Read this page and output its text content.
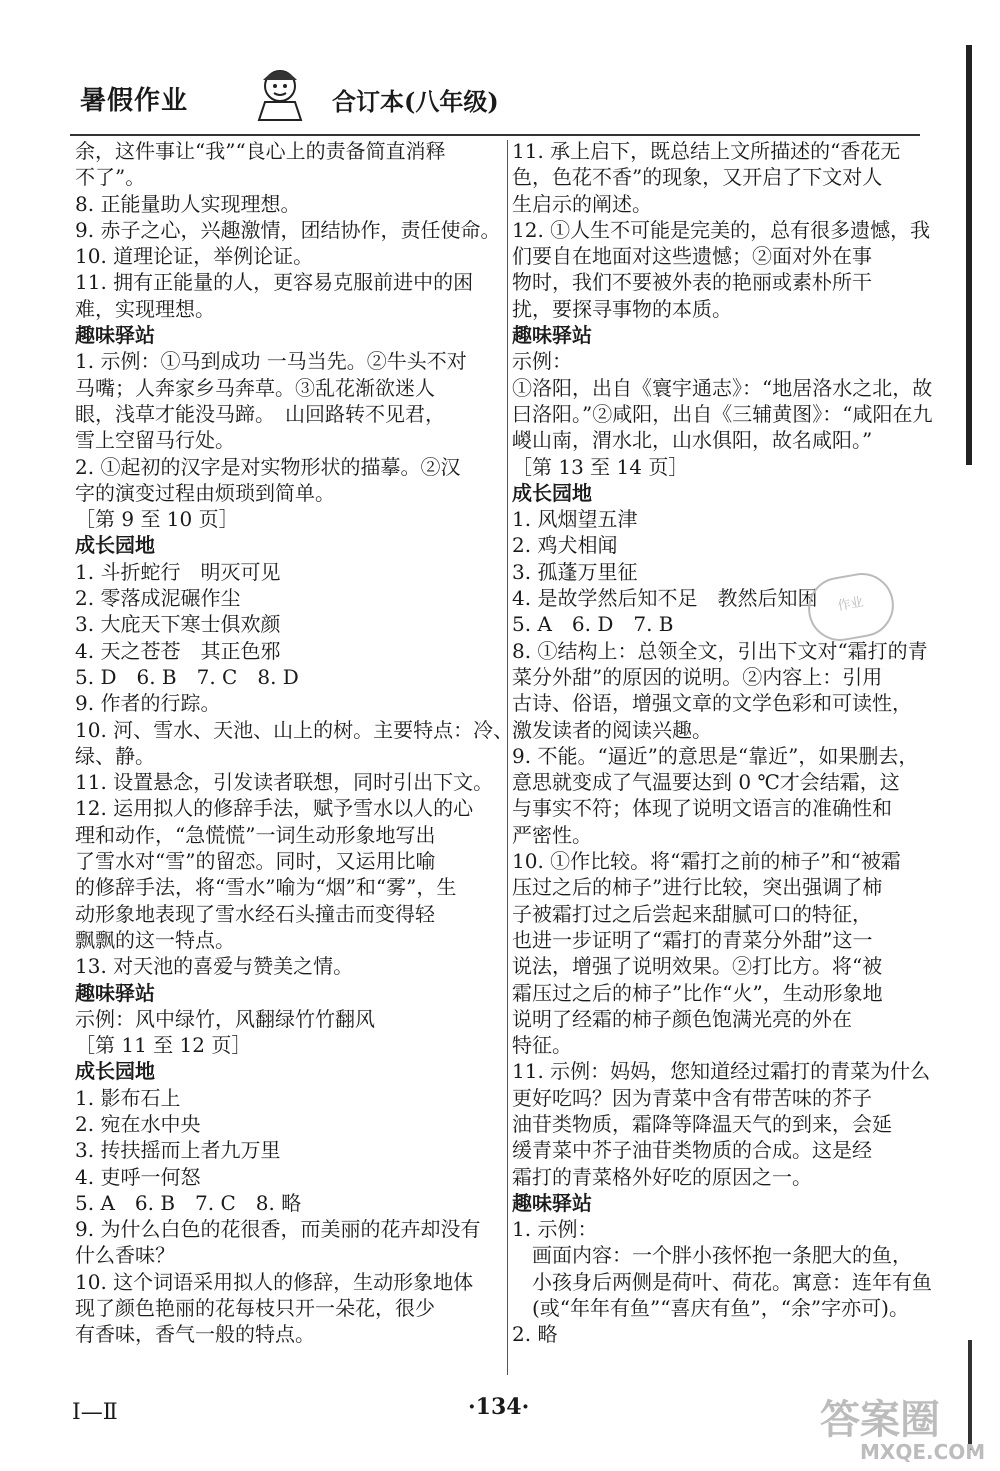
暑假作业	合订本(八年级)
余，这件事让“我”“良心上的责备简直消释
不了”。
8. 正能量助人实现理想。
9. 赤子之心，兴趣激情，团结协作，责任使命。
10. 道理论证，举例论证。
11. 拥有正能量的人，更容易克服前进中的困
难，实现理想。
趣味驿站
1. 示例：①马到成功 一马当先。②牛头不对
马嘴；人奔家乡马奔草。③乱花渐欲迷人
眼，浅草才能没马蹄。　山回路转不见君，
雪上空留马行处。
2. ①起初的汉字是对实物形状的描摹。②汉
字的演变过程由烦琐到简单。
［第 9 至 10 页］
成长园地
1. 斗折蛇行　明灭可见
2. 零落成泥碾作尘
3. 大庇天下寒士俱欢颜
4. 天之苍苍　其正色邪
5. D　6. B　7. C　8. D
9. 作者的行踪。
10. 河、雪水、天池、山上的树。主要特点：冷、
绿、静。
11. 设置悬念，引发读者联想，同时引出下文。
12. 运用拟人的修辞手法，赋予雪水以人的心
理和动作，“急慌慌”一词生动形象地写出
了雪水对“雪”的留恋。同时，又运用比喻
的修辞手法，将“雪水”喻为“烟”和“雾”，生
动形象地表现了雪水经石头撞击而变得轻
飘飘的这一特点。
13. 对天池的喜爱与赞美之情。
趣味驿站
示例：风中绿竹，风翻绿竹竹翻风
［第 11 至 12 页］
成长园地
1. 影布石上
2. 宛在水中央
3. 抟扶摇而上者九万里
4. 吏呼一何怒
5. A　6. B　7. C　8. 略
9. 为什么白色的花很香，而美丽的花卉却没有
什么香味？
10. 这个词语采用拟人的修辞，生动形象地体
现了颜色艳丽的花每枝只开一朵花，很少
有香味，香气一般的特点。
11. 承上启下，既总结上文所描述的“香花无
色，色花不香”的现象，又开启了下文对人
生启示的阐述。
12. ①人生不可能是完美的，总有很多遗憾，我
们要自在地面对这些遗憾；②面对外在事
物时，我们不要被外表的艳丽或素朴所干
扰，要探寻事物的本质。
趣味驿站
示例：
①洛阳，出自《寰宇通志》：“地居洛水之北，故
曰洛阳。”②咸阳，出自《三辅黄图》：“咸阳在九
嵕山南，渭水北，山水俱阳，故名咸阳。”
［第 13 至 14 页］
成长园地
1. 风烟望五津
2. 鸡犬相闻
3. 孤蓬万里征
4. 是故学然后知不足　教然后知困
5. A　6. D　7. B
8. ①结构上：总领全文，引出下文对“霜打的青
菜分外甜”的原因的说明。②内容上：引用
古诗、俗语，增强文章的文学色彩和可读性，
激发读者的阅读兴趣。
9. 不能。“逼近”的意思是“靠近”，如果删去，
意思就变成了气温要达到 0 ℃才会结霜，这
与事实不符；体现了说明文语言的准确性和
严密性。
10. ①作比较。将“霜打之前的柿子”和“被霜
压过之后的柿子”进行比较，突出强调了柿
子被霜打过之后尝起来甜腻可口的特征，
也进一步证明了“霜打的青菜分外甜”这一
说法，增强了说明效果。②打比方。将“被
霜压过之后的柿子”比作“火”，生动形象地
说明了经霜的柿子颜色饱满光亮的外在
特征。
11. 示例：妈妈，您知道经过霜打的青菜为什么
更好吃吗？因为青菜中含有带苦味的芥子
油苷类物质，霜降等降温天气的到来，会延
缓青菜中芥子油苷类物质的合成。这是经
霜打的青菜格外好吃的原因之一。
趣味驿站
1. 示例：
　画面内容：一个胖小孩怀抱一条肥大的鱼，
　小孩身后两侧是荷叶、荷花。寓意：连年有鱼
　(或“年年有鱼”“喜庆有鱼”，“余”字亦可)。
2. 略
作业
Ⅰ—Ⅱ	·134·	答案圈
MXQE.COM
